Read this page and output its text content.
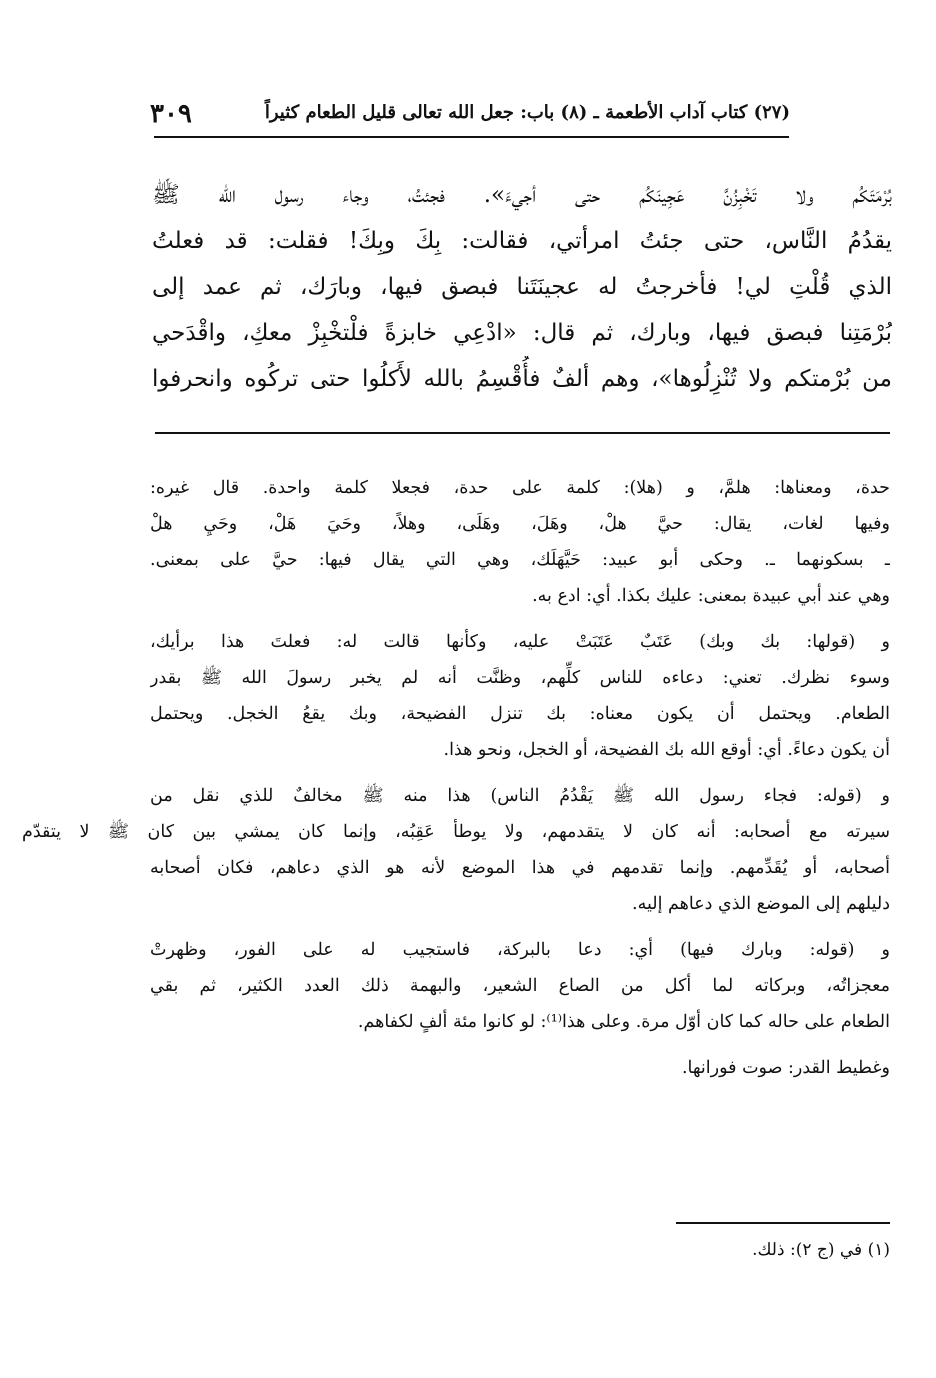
(٢٧) كتاب آداب الأطعمة ـ (٨) باب: جعل الله تعالى قليل الطعام كثيراً
٣٠٩
بُرْمَتَكُم ولا تَخْبِزُنَّ عَجِينَكُم حتى أجيءَ». فجئتُ، وجاء رسول الله ﷺ
يقدُمُ النَّاس، حتى جئتُ امرأتي، فقالت: بِكَ وبِكَ! فقلت: قد فعلتُ
الذي قُلْتِ لي! فأخرجتُ له عجينَتَنا فبصق فيها، وبارَك، ثم عمد إلى
بُرْمَتِنا فبصق فيها، وبارك، ثم قال: «ادْعِي خابزةً فلْتخْبِزْ معكِ، واقْدَحي
من بُرْمتكم ولا تُنْزِلُوها»، وهم ألفٌ فأُقْسِمُ بالله لأَكلُوا حتى تركُوه وانحرفوا
حدة، ومعناها: هلمَّ، و (هلا): كلمة على حدة، فجعلا كلمة واحدة. قال غيره:
وفيها لغات، يقال: حيَّ هلْ، وهَلَ، وهَلَى، وهلاً، وحَيَ هَلْ، وحَيِ هلْ
ـ بسكونهما ـ. وحكى أبو عبيد: حَيَّهَلَك، وهي التي يقال فيها: حيَّ على بمعنى.
وهي عند أبي عبيدة بمعنى: عليك بكذا. أي: ادع به.
و (قولها: بك وبك) عَتَبٌ عَتَبَتْ عليه، وكأنها قالت له: فعلتَ هذا برأيك،
وسوء نظرك. تعني: دعاءه للناس كلِّهم، وظنَّت أنه لم يخبر رسولَ الله ﷺ بقدر
الطعام. ويحتمل أن يكون معناه: بك تنزل الفضيحة، وبك يقعُ الخجل. ويحتمل
أن يكون دعاءً. أي: أوقع الله بك الفضيحة، أو الخجل، ونحو هذا.
و (قوله: فجاء رسول الله ﷺ يَقْدُمُ الناس) هذا منه ﷺ مخالفٌ للذي نقل من
سيرته مع أصحابه: أنه كان لا يتقدمهم، ولا يوطأ عَقِبُه، وإنما كان يمشي بين كان ﷺ لا يتقدّم
أصحابه، أو يُقَدِّمهم. وإنما تقدمهم في هذا الموضع لأنه هو الذي دعاهم، فكان أصحابه
دليلهم إلى الموضع الذي دعاهم إليه.
و (قوله: وبارك فيها) أي: دعا بالبركة، فاستجيب له على الفور، وظهرتْ
معجزاتُه، وبركاته لما أكل من الصاع الشعير، والبهمة ذلك العدد الكثير، ثم بقي
الطعام على حاله كما كان أوّل مرة. وعلى هذا⁽¹⁾: لو كانوا مئة ألفٍ لكفاهم.
وغطيط القدر: صوت فورانها.
(١) في (ج ٢): ذلك.
